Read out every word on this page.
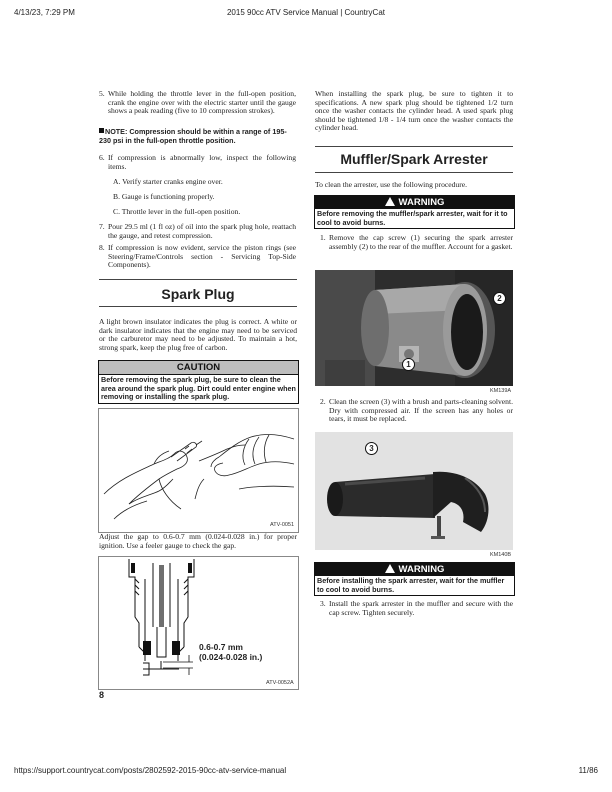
4/13/23, 7:29 PM	2015 90cc ATV Service Manual | CountryCat
https://support.countrycat.com/posts/2802592-2015-90cc-atv-service-manual	11/86
5. While holding the throttle lever in the full-open position, crank the engine over with the electric starter until the gauge shows a peak reading (five to 10 compression strokes).
NOTE: Compression should be within a range of 195-230 psi in the full-open throttle position.
6. If compression is abnormally low, inspect the following items.
A. Verify starter cranks engine over.
B. Gauge is functioning properly.
C. Throttle lever in the full-open position.
7. Pour 29.5 ml (1 fl oz) of oil into the spark plug hole, reattach the gauge, and retest compression.
8. If compression is now evident, service the piston rings (see Steering/Frame/Controls section - Servicing Top-Side Components).
Spark Plug
A light brown insulator indicates the plug is correct. A white or dark insulator indicates that the engine may need to be serviced or the carburetor may need to be adjusted. To maintain a hot, strong spark, keep the plug free of carbon.
CAUTION
Before removing the spark plug, be sure to clean the area around the spark plug. Dirt could enter engine when removing or installing the spark plug.
ATV-0051
Adjust the gap to 0.6-0.7 mm (0.024-0.028 in.) for proper ignition. Use a feeler gauge to check the gap.
0.6-0.7 mm
(0.024-0.028 in.)
ATV-0052A
8
When installing the spark plug, be sure to tighten it to specifications. A new spark plug should be tightened 1/2 turn once the washer contacts the cylinder head. A used spark plug should be tightened 1/8 - 1/4 turn once the washer contacts the cylinder head.
Muffler/Spark Arrester
To clean the arrester, use the following procedure.
WARNING
Before removing the muffler/spark arrester, wait for it to cool to avoid burns.
1. Remove the cap screw (1) securing the spark arrester assembly (2) to the rear of the muffler. Account for a gasket.
2
1
KM139A
2. Clean the screen (3) with a brush and parts-cleaning solvent. Dry with compressed air. If the screen has any holes or tears, it must be replaced.
3
KM140B
WARNING
Before installing the spark arrester, wait for the muffler to cool to avoid burns.
3. Install the spark arrester in the muffler and secure with the cap screw. Tighten securely.
